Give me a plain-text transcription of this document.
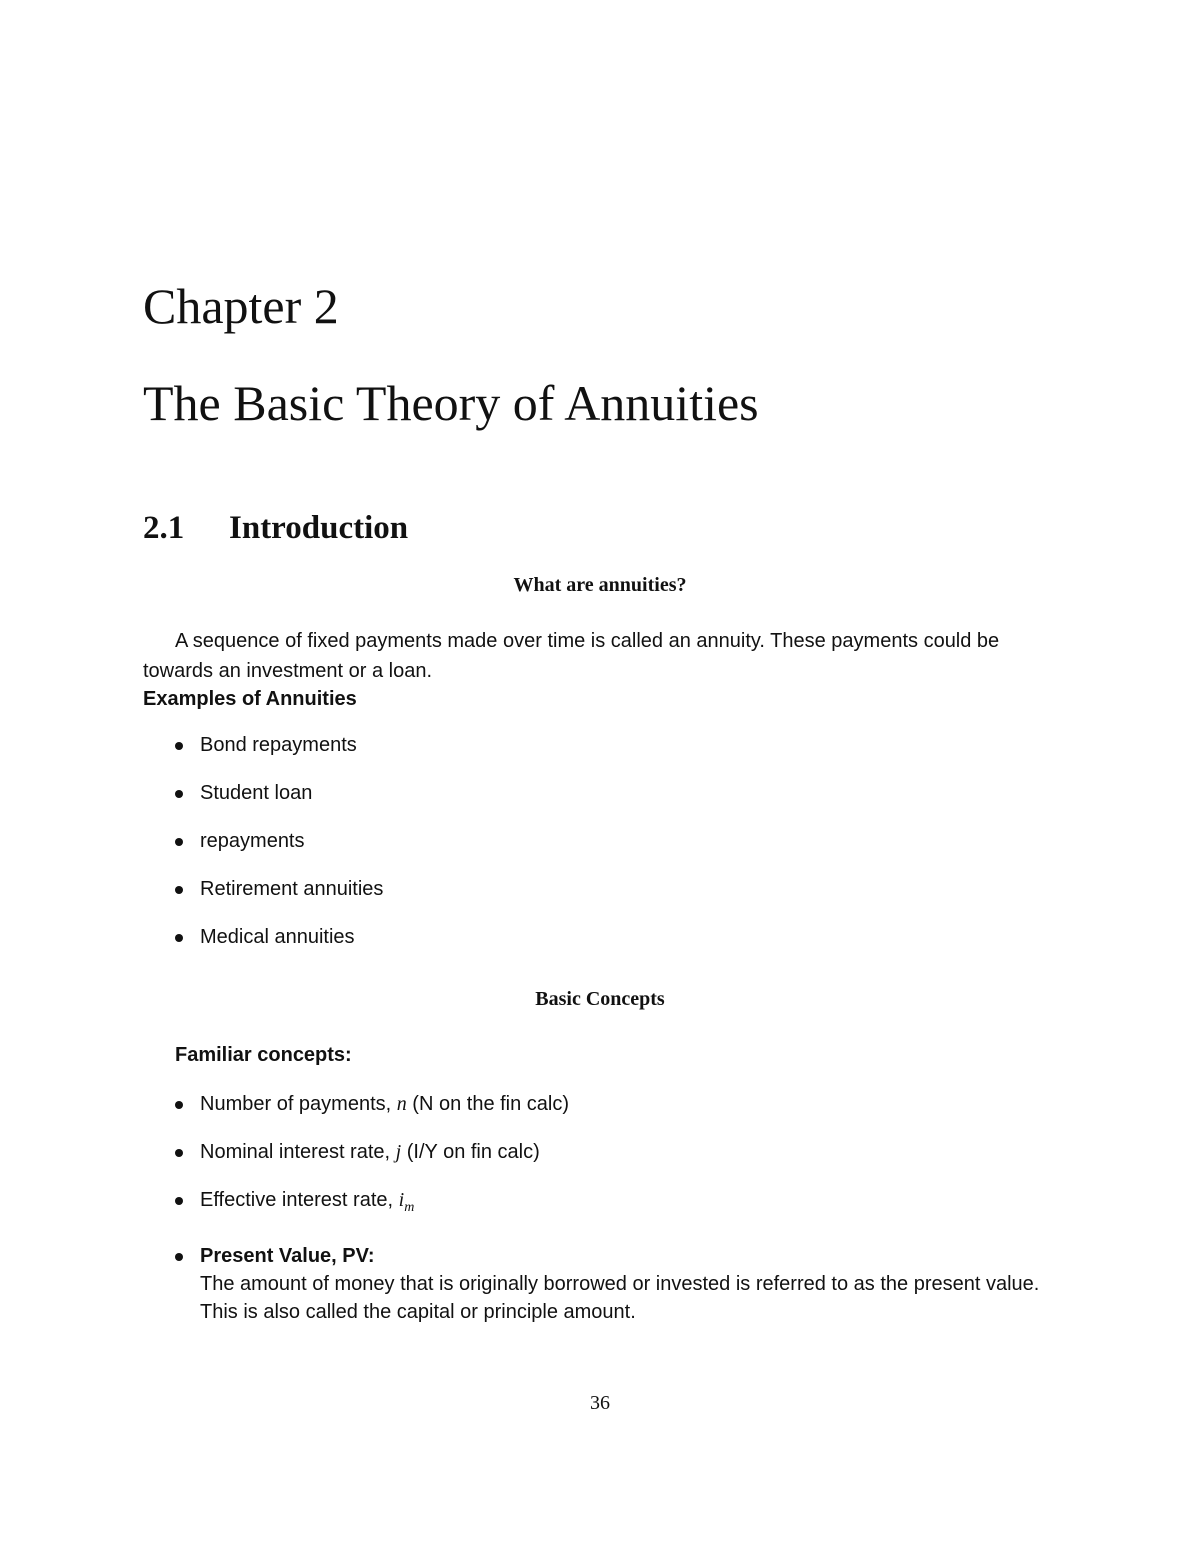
Chapter 2
The Basic Theory of Annuities
2.1 Introduction
What are annuities?
A sequence of fixed payments made over time is called an annuity. These payments could be towards an investment or a loan.
Examples of Annuities
Bond repayments
Student loan
repayments
Retirement annuities
Medical annuities
Basic Concepts
Familiar concepts:
Number of payments, n (N on the fin calc)
Nominal interest rate, j (I/Y on fin calc)
Effective interest rate, $i_m$
Present Value, PV:
The amount of money that is originally borrowed or invested is referred to as the present value. This is also called the capital or principle amount.
36
